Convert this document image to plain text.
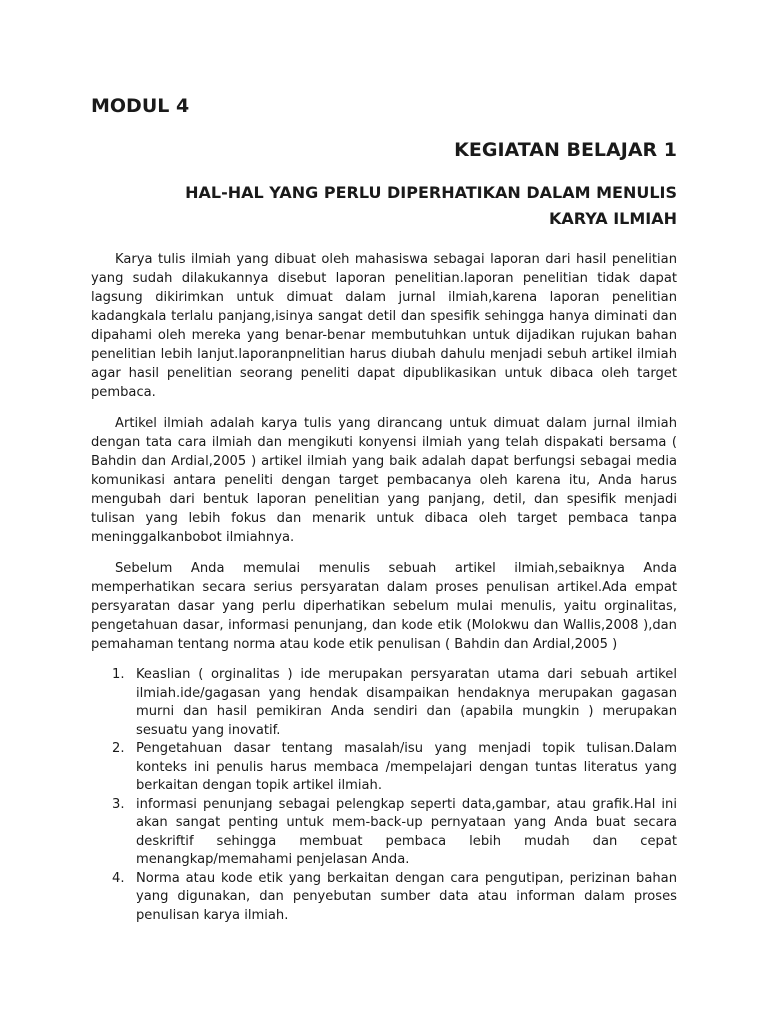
MODUL 4
KEGIATAN BELAJAR 1
HAL-HAL YANG PERLU DIPERHATIKAN DALAM MENULIS
KARYA ILMIAH

Karya tulis ilmiah yang dibuat oleh mahasiswa sebagai laporan dari hasil penelitian yang sudah dilakukannya disebut laporan penelitian.laporan penelitian tidak dapat lagsung dikirimkan untuk dimuat dalam jurnal ilmiah,karena laporan penelitian kadangkala terlalu panjang,isinya sangat detil dan spesifik sehingga hanya diminati dan dipahami oleh mereka yang benar-benar membutuhkan untuk dijadikan rujukan bahan penelitian lebih lanjut.laporanpnelitian harus diubah dahulu menjadi sebuh artikel ilmiah agar hasil penelitian seorang peneliti dapat dipublikasikan untuk dibaca oleh target pembaca.

Artikel ilmiah adalah karya tulis yang dirancang untuk dimuat dalam jurnal ilmiah dengan tata cara ilmiah dan mengikuti konyensi ilmiah yang telah dispakati bersama ( Bahdin dan Ardial,2005 ) artikel ilmiah yang baik adalah dapat berfungsi sebagai media komunikasi antara peneliti dengan target pembacanya oleh karena itu, Anda harus mengubah dari bentuk laporan penelitian yang panjang, detil, dan spesifik menjadi tulisan yang lebih fokus dan menarik untuk dibaca oleh target pembaca tanpa meninggalkanbobot ilmiahnya.

Sebelum Anda memulai menulis sebuah artikel ilmiah,sebaiknya Anda memperhatikan secara serius persyaratan dalam proses penulisan artikel.Ada empat persyaratan dasar yang perlu diperhatikan sebelum mulai menulis, yaitu orginalitas, pengetahuan dasar, informasi penunjang, dan kode etik (Molokwu dan Wallis,2008 ),dan pemahaman tentang norma atau kode etik penulisan ( Bahdin dan Ardial,2005 )

1. Keaslian ( orginalitas ) ide merupakan persyaratan utama dari sebuah artikel ilmiah.ide/gagasan yang hendak disampaikan hendaknya merupakan gagasan murni dan hasil pemikiran Anda sendiri dan (apabila mungkin ) merupakan sesuatu yang inovatif.
2. Pengetahuan dasar tentang masalah/isu yang menjadi topik tulisan.Dalam konteks ini penulis harus membaca /mempelajari dengan tuntas literatus yang berkaitan dengan topik artikel ilmiah.
3. informasi penunjang sebagai pelengkap seperti data,gambar, atau grafik.Hal ini akan sangat penting untuk mem-back-up pernyataan yang Anda buat secara deskriftif sehingga membuat pembaca lebih mudah dan cepat menangkap/memahami penjelasan Anda.
4. Norma atau kode etik yang berkaitan dengan cara pengutipan, perizinan bahan yang digunakan, dan penyebutan sumber data atau informan dalam proses penulisan karya ilmiah.
